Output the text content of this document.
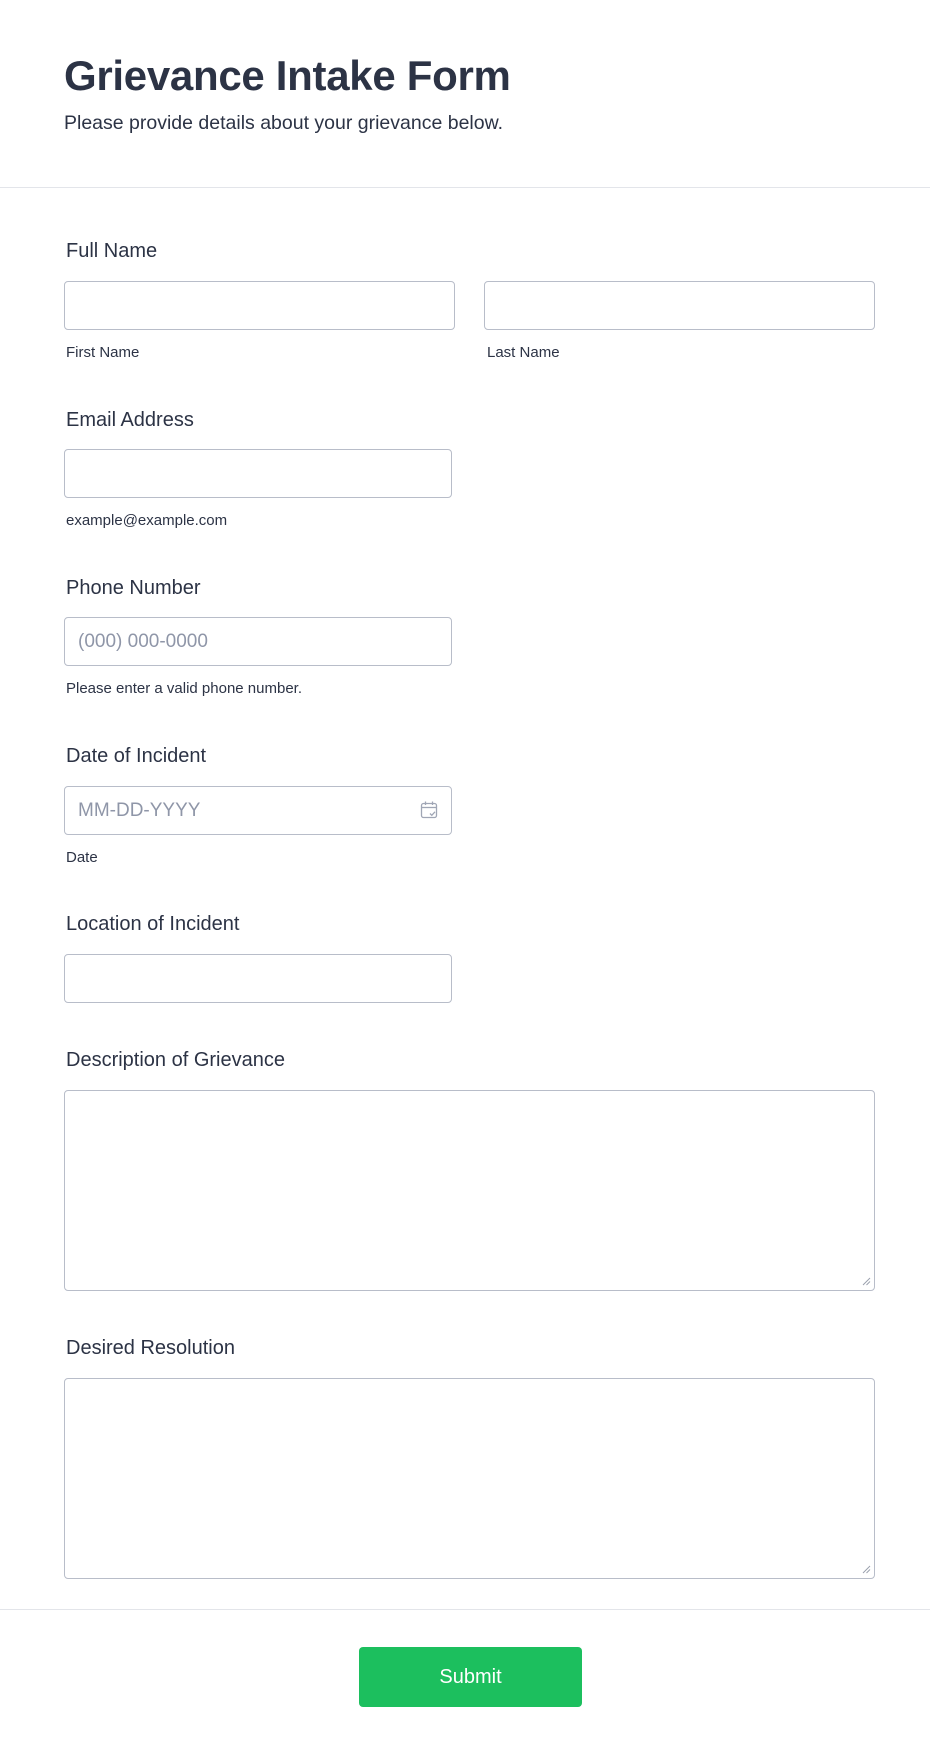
Grievance Intake Form
Please provide details about your grievance below.
Full Name
First Name	Last Name
Email Address
example@example.com
Phone Number
(000) 000-0000
Please enter a valid phone number.
Date of Incident
MM-DD-YYYY
Date
Location of Incident
Description of Grievance
Desired Resolution
Submit
